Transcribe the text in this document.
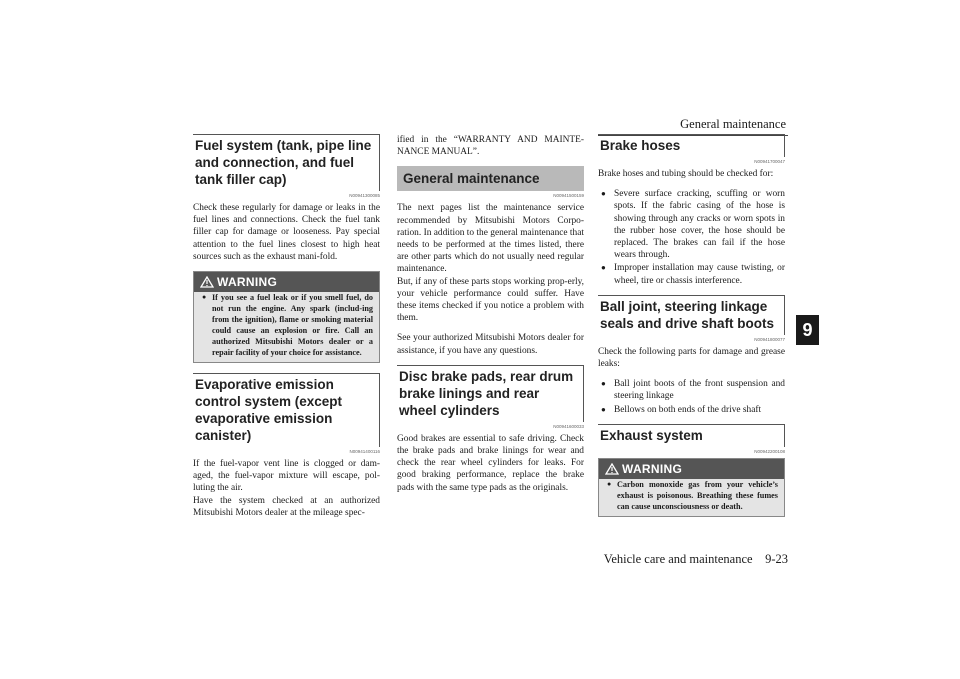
General maintenance
9
Vehicle care and maintenance 9-23
Fuel system (tank, pipe line and connection, and fuel tank filler cap)
N00941300085

Check these regularly for damage or leaks in the fuel lines and connections. Check the fuel tank filler cap for damage or looseness. Pay special attention to the fuel lines closest to high heat sources such as the exhaust mani-fold.

WARNING
● If you see a fuel leak or if you smell fuel, do not run the engine. Any spark (includ-ing from the ignition), flame or smoking material could cause an explosion or fire. Call an authorized Mitsubishi Motors dealer or a repair facility of your choice for assistance.
Evaporative emission control system (except evaporative emission canister)
N00941400116

If the fuel-vapor vent line is clogged or dam-aged, the fuel-vapor mixture will escape, pol-luting the air.

Have the system checked at an authorized Mitsubishi Motors dealer at the mileage spec-

ified in the “WARRANTY AND MAINTE-NANCE MANUAL”.

General maintenance
N00941500159

The next pages list the maintenance service recommended by Mitsubishi Motors Corpo-ration. In addition to the general maintenance that needs to be performed at the times listed, there are other parts which do not usually need regular maintenance.

But, if any of these parts stops working prop-erly, your vehicle performance could suffer. Have these items checked if you notice a problem with them.

See your authorized Mitsubishi Motors dealer for assistance, if you have any questions.

Disc brake pads, rear drum brake linings and rear wheel cylinders
N00941600033

Good brakes are essential to safe driving. Check the brake pads and brake linings for wear and check the rear wheel cylinders for leaks. For good braking performance, replace the brake pads with the same type pads as the originals.

Brake hoses
N00941700047

Brake hoses and tubing should be checked for:

● Severe surface cracking, scuffing or worn spots. If the fabric casing of the hose is showing through any cracks or worn spots in the rubber hose cover, the hose should be replaced. The brakes can fail if the hose wears through.
● Improper installation may cause twisting, or wheel, tire or chassis interference.
Ball joint, steering linkage seals and drive shaft boots
N00941800077

Check the following parts for damage and grease leaks:

● Ball joint boots of the front suspension and steering linkage
● Bellows on both ends of the drive shaft
Exhaust system
N00942200108
WARNING
● Carbon monoxide gas from your vehicle’s exhaust is poisonous. Breathing these fumes can cause unconsciousness or death.
